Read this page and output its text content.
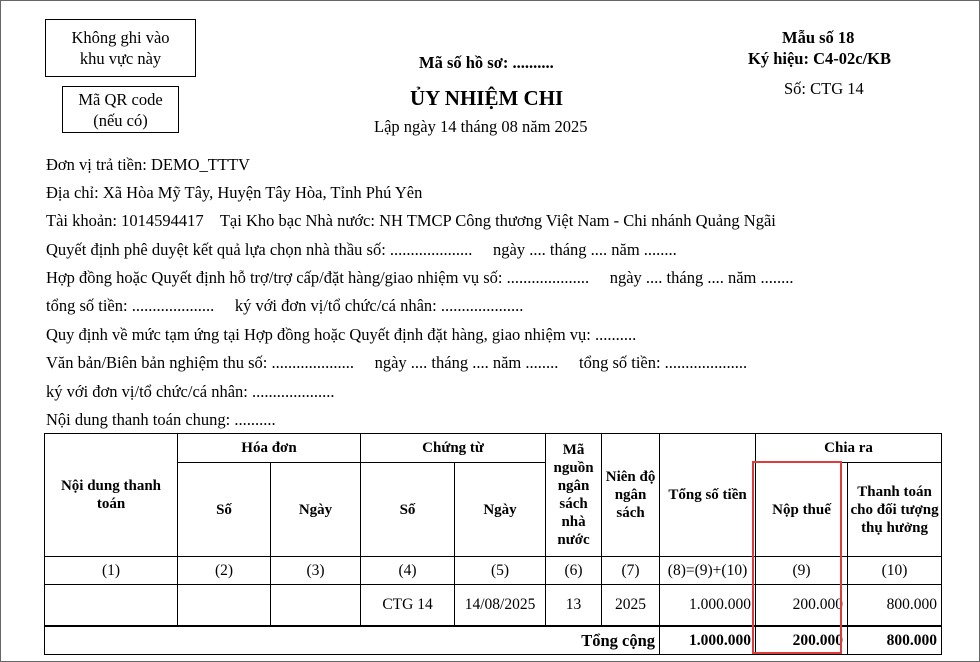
Không ghi vào
khu vực này
Mã QR code
(nếu có)
Mã số hồ sơ: ..........
ỦY NHIỆM CHI
Lập ngày 14 tháng 08 năm 2025
Mẫu số 18
Ký hiệu: C4-02c/KB
Số: CTG 14
Đơn vị trả tiền: DEMO_TTTV
Địa chỉ: Xã Hòa Mỹ Tây, Huyện Tây Hòa, Tỉnh Phú Yên
Tài khoản: 1014594417    Tại Kho bạc Nhà nước: NH TMCP Công thương Việt Nam - Chi nhánh Quảng Ngãi
Quyết định phê duyệt kết quả lựa chọn nhà thầu số: ....................     ngày .... tháng .... năm ........
Hợp đồng hoặc Quyết định hỗ trợ/trợ cấp/đặt hàng/giao nhiệm vụ số: ....................     ngày .... tháng .... năm ........
tổng số tiền: ....................     ký với đơn vị/tổ chức/cá nhân: ....................
Quy định về mức tạm ứng tại Hợp đồng hoặc Quyết định đặt hàng, giao nhiệm vụ: ..........
Văn bản/Biên bản nghiệm thu số: ....................     ngày .... tháng .... năm ........     tổng số tiền: ....................
ký với đơn vị/tổ chức/cá nhân: ....................
Nội dung thanh toán chung: ..........
Nội dung thanh toán	Hóa đơn		Chứng từ		Mã nguồn ngân sách nhà nước	Niên độ ngân sách	Tổng số tiền	Chia ra	
	Số	Ngày	Số	Ngày				Nộp thuế	Thanh toán cho đối tượng thụ hưởng
(1)	(2)	(3)	(4)	(5)	(6)	(7)	(8)=(9)+(10)	(9)	(10)
			CTG 14	14/08/2025	13	2025	1.000.000	200.000	800.000
Tổng cộng							1.000.000	200.000	800.000
